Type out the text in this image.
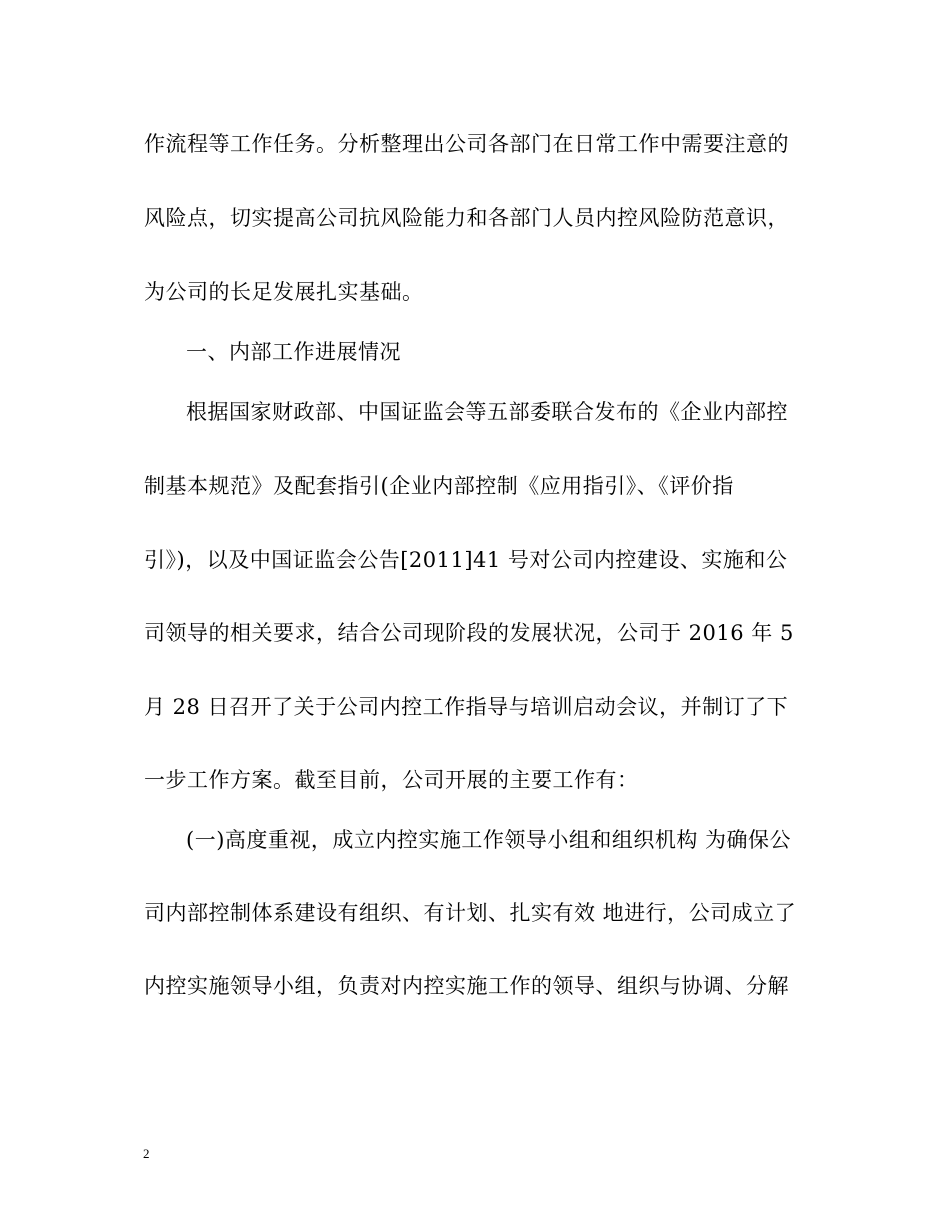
作流程等工作任务。分析整理出公司各部门在日常工作中需要注意的
风险点，切实提高公司抗风险能力和各部门人员内控风险防范意识，
为公司的长足发展扎实基础。
一、内部工作进展情况
根据国家财政部、中国证监会等五部委联合发布的《企业内部控
制基本规范》及配套指引(企业内部控制《应用指引》、《评价指
引》)，以及中国证监会公告[2011]41 号对公司内控建设、实施和公
司领导的相关要求，结合公司现阶段的发展状况，公司于 2016 年 5
月 28 日召开了关于公司内控工作指导与培训启动会议，并制订了下
一步工作方案。截至目前，公司开展的主要工作有：
(一)高度重视，成立内控实施工作领导小组和组织机构 为确保公
司内部控制体系建设有组织、有计划、扎实有效 地进行，公司成立了
内控实施领导小组，负责对内控实施工作的领导、组织与协调、分解
2
